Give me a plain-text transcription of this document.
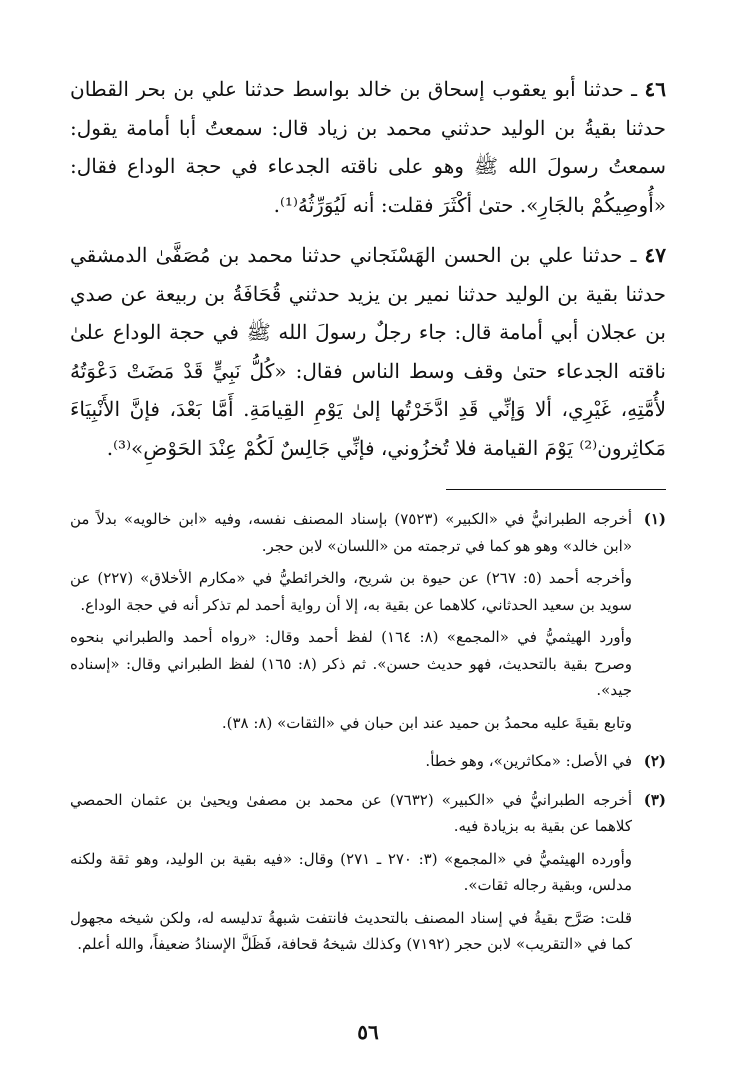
٤٦ ـ حدثنا أبو يعقوب إسحاق بن خالد بواسط حدثنا علي بن بحر القطان حدثنا بقيةُ بن الوليد حدثني محمد بن زياد قال: سمعتُ أبا أمامة يقول: سمعتُ رسولَ الله ﷺ وهو على ناقته الجدعاء في حجة الوداع فقال: «أُوصِيكُمْ بالجَارِ». حتىٰ أكْثَرَ فقلت: أنه لَيُوَرِّثُهُ⁽¹⁾.

٤٧ ـ حدثنا علي بن الحسن الهَسْنَجاني حدثنا محمد بن مُصَفَّىٰ الدمشقي حدثنا بقية بن الوليد حدثنا نمير بن يزيد حدثني قُحَافَةُ بن ربيعة عن صدي بن عجلان أبي أمامة قال: جاء رجلٌ رسولَ الله ﷺ في حجة الوداع علىٰ ناقته الجدعاء حتىٰ وقف وسط الناس فقال: «كُلُّ نَبِيٍّ قَدْ مَضَتْ دَعْوَتُهُ لأُمَّتِهِ، غَيْرِي، ألا وَإنِّي قَدِ ادَّخَرْتُها إلىٰ يَوْمِ القِيامَةِ. أَمَّا بَعْدَ، فإنَّ الأَنْبِيَاءَ مَكاثِرون⁽²⁾ يَوْمَ القيامة فلا تُخزُوني، فإنِّي جَالِسٌ لَكُمْ عِنْدَ الحَوْضِ»⁽³⁾.

(١)

أخرجه الطبرانيُّ في «الكبير» (٧٥٢٣) بإسناد المصنف نفسه، وفيه «ابن خالويه» بدلاً من «ابن خالد» وهو هو كما في ترجمته من «اللسان» لابن حجر.

وأخرجه أحمد (٥: ٢٦٧) عن حيوة بن شريح، والخرائطيُّ في «مكارم الأخلاق» (٢٢٧) عن سويد بن سعيد الحدثاني، كلاهما عن بقية به، إلا أن رواية أحمد لم تذكر أنه في حجة الوداع.

وأورد الهيثميُّ في «المجمع» (٨: ١٦٤) لفظ أحمد وقال: «رواه أحمد والطبراني بنحوه وصرح بقية بالتحديث، فهو حديث حسن». ثم ذكر (٨: ١٦٥) لفظ الطبراني وقال: «إسناده جيد».

وتابع بقيةَ عليه محمدُ بن حميد عند ابن حبان في «الثقات» (٨: ٣٨).

(٢)

في الأصل: «مكاثرين»، وهو خطأ.

(٣)

أخرجه الطبرانيُّ في «الكبير» (٧٦٣٢) عن محمد بن مصفىٰ ويحيىٰ بن عثمان الحمصي كلاهما عن بقية به بزيادة فيه.

وأورده الهيثميُّ في «المجمع» (٣: ٢٧٠ ـ ٢٧١) وقال: «فيه بقية بن الوليد، وهو ثقة ولكنه مدلس، وبقية رجاله ثقات».

قلت: صَرَّح بقيةُ في إسناد المصنف بالتحديث فانتفت شبهةُ تدليسه له، ولكن شيخه مجهول كما في «التقريب» لابن حجر (٧١٩٢) وكذلك شيخهُ قحافة، فَظَلَّ الإسنادُ ضعيفاً، والله أعلم.

٥٦
